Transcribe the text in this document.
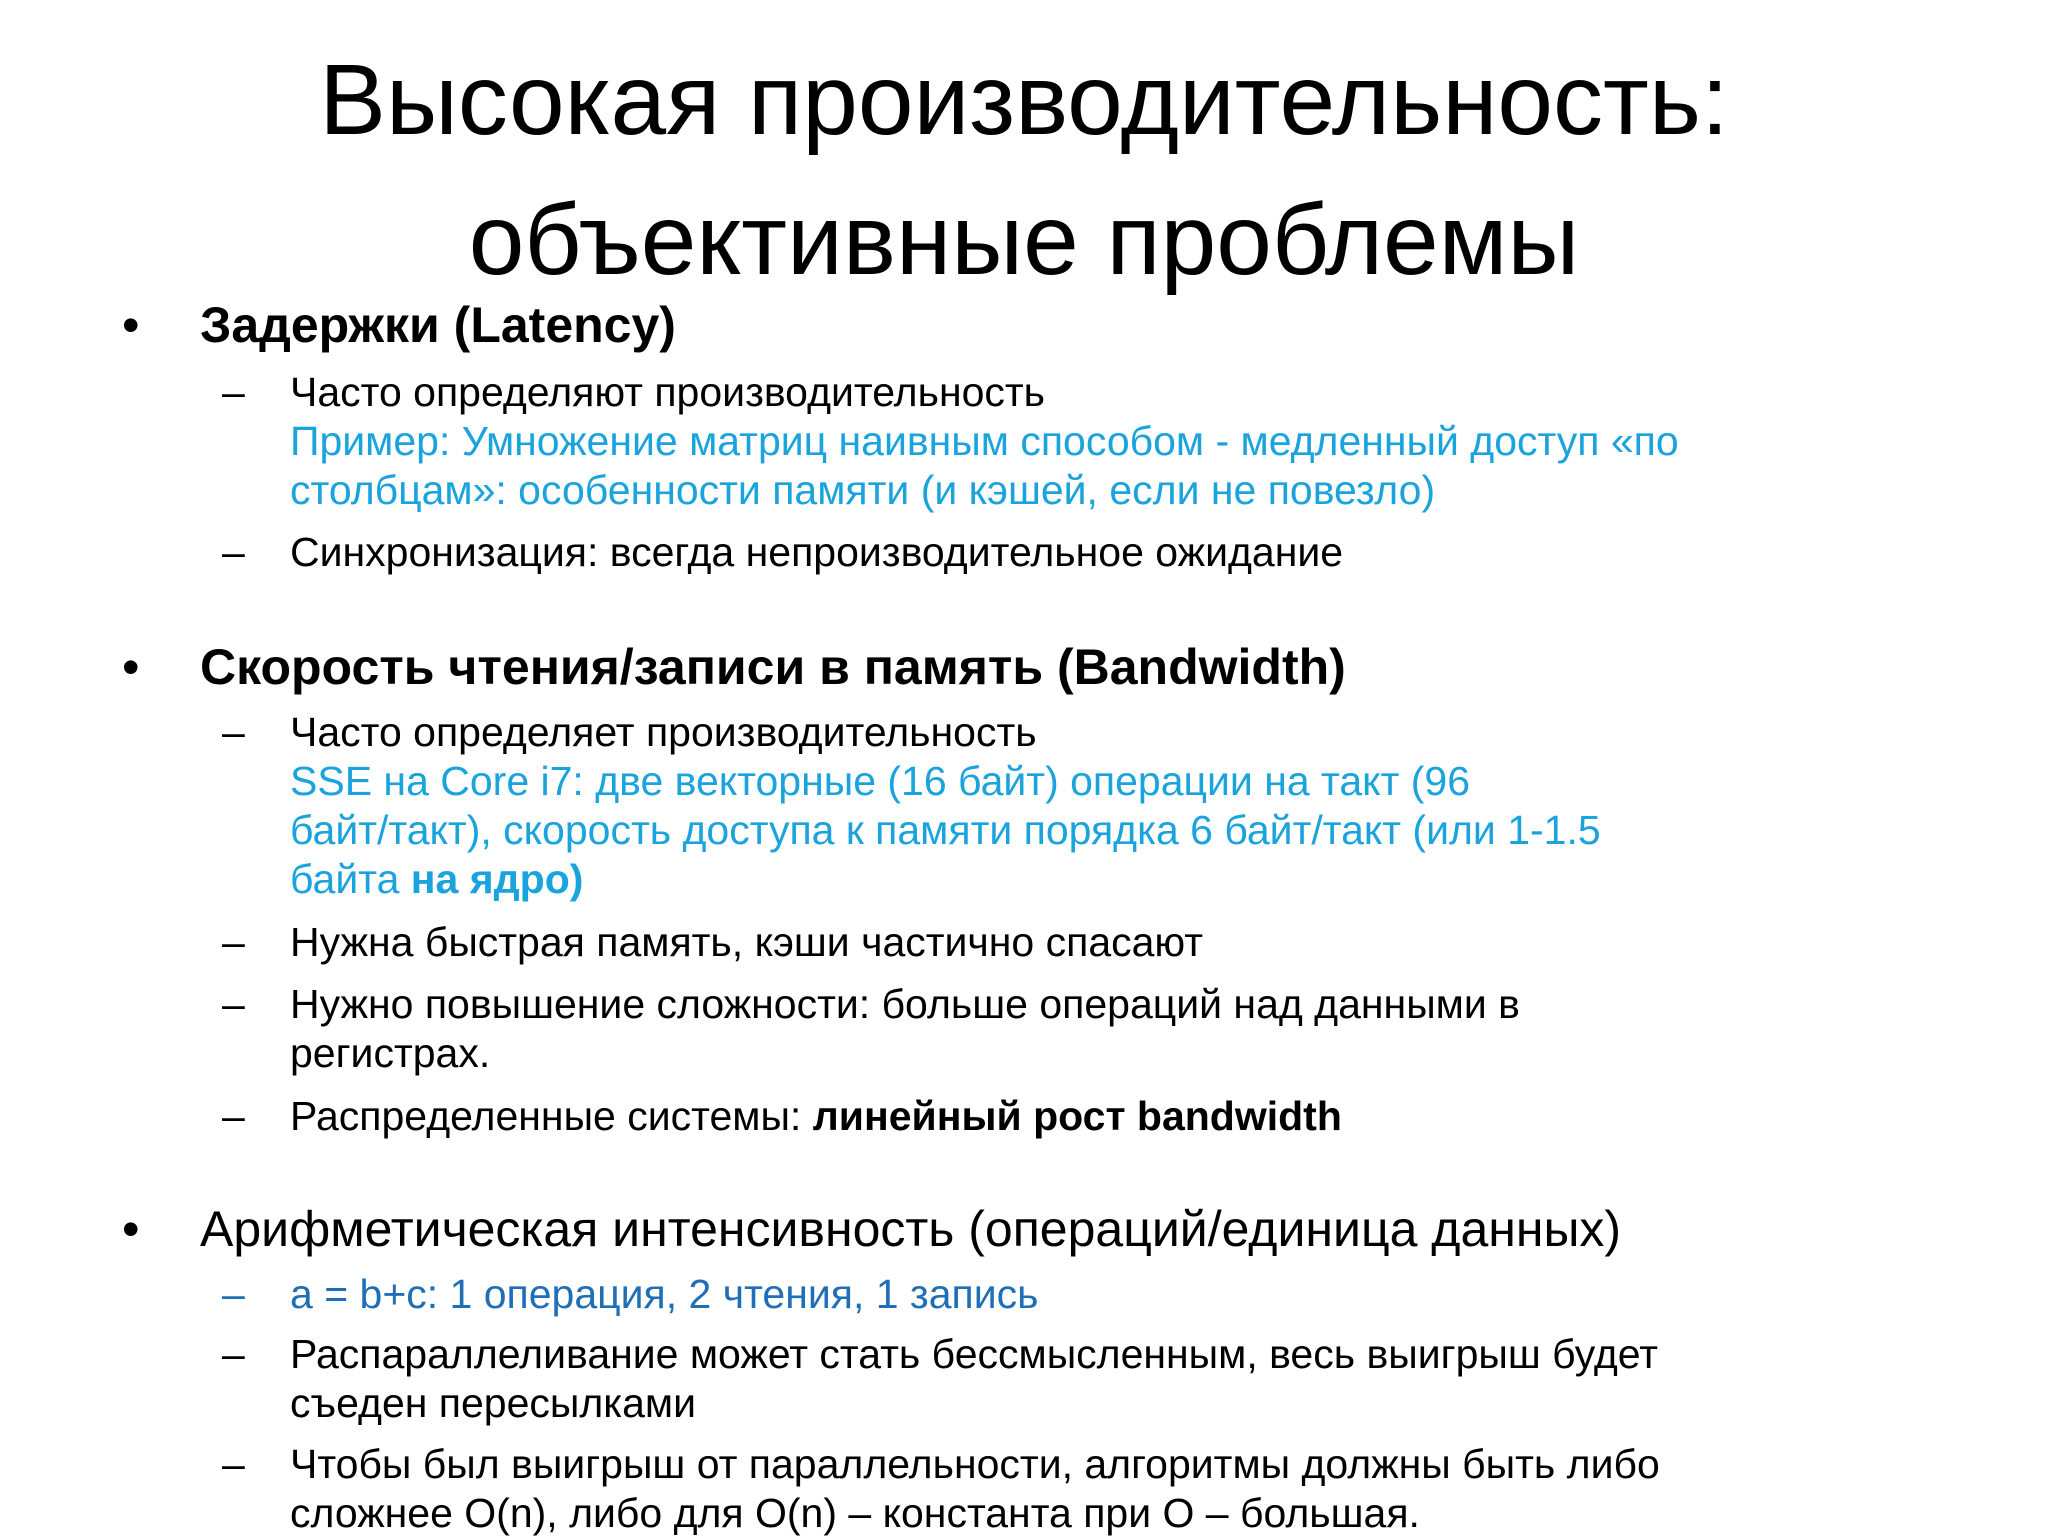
Высокая производительность:
объективные проблемы
•	Задержки (Latency)
– Часто определяют производительность
Пример: Умножение матриц наивным способом - медленный доступ «по
столбцам»: особенности памяти (и кэшей, если не повезло)
– Синхронизация: всегда непроизводительное ожидание
•	Скорость чтения/записи в память (Bandwidth)
– Часто определяет производительность
SSE на Core i7: две векторные (16 байт) операции на такт (96
байт/такт), скорость доступа к памяти порядка 6 байт/такт (или 1-1.5
байта на ядро)
– Нужна быстрая память, кэши частично спасают
– Нужно повышение сложности: больше операций над данными в
регистрах.
– Распределенные системы: линейный рост bandwidth
•	Арифметическая интенсивность (операций/единица данных)
– a = b+c: 1 операция, 2 чтения, 1 запись
– Распараллеливание может стать бессмысленным, весь выигрыш будет
съеден пересылками
– Чтобы был выигрыш от параллельности, алгоритмы должны быть либо
сложнее O(n), либо для O(n) – константа при O – большая.
